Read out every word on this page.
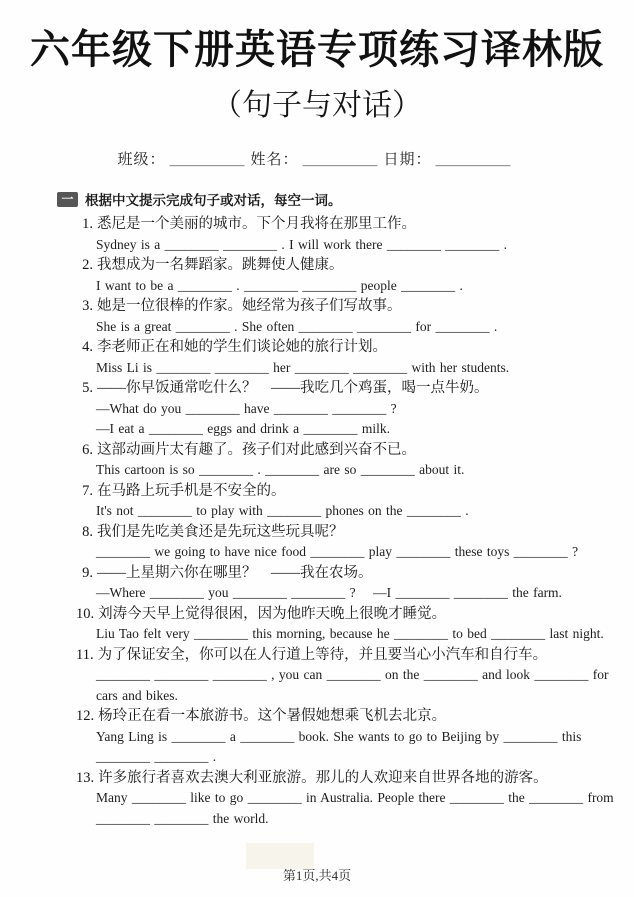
六年级下册英语专项练习译林版
（句子与对话）
班级： ＿＿＿＿＿ 姓名： ＿＿＿＿＿ 日期： ＿＿＿＿＿
一 根据中文提示完成句子或对话，每空一词。
1. 悉尼是一个美丽的城市。下个月我将在那里工作。
Sydney is a ________ ________ . I will work there ________ ________ .
2. 我想成为一名舞蹈家。跳舞使人健康。
I want to be a ________ . ________ ________ people ________ .
3. 她是一位很棒的作家。她经常为孩子们写故事。
She is a great ________ . She often ________ ________ for ________ .
4. 李老师正在和她的学生们谈论她的旅行计划。
Miss Li is ________ ________ her ________ ________ with her students.
5. ——你早饭通常吃什么？    ——我吃几个鸡蛋，喝一点牛奶。
—What do you ________ have ________ ________ ?
—I eat a ________ eggs and drink a ________ milk.
6. 这部动画片太有趣了。孩子们对此感到兴奋不已。
This cartoon is so ________ . ________ are so ________ about it.
7. 在马路上玩手机是不安全的。
It's not ________ to play with ________ phones on the ________ .
8. 我们是先吃美食还是先玩这些玩具呢？
________ we going to have nice food ________ play ________ these toys ________ ?
9. ——上星期六你在哪里？    ——我在农场。
—Where ________ you ________ ________ ?    —I ________ ________ the farm.
10. 刘涛今天早上觉得很困，因为他昨天晚上很晚才睡觉。
Liu Tao felt very ________ this morning, because he ________ to bed ________ last night.
11. 为了保证安全，你可以在人行道上等待，并且要当心小汽车和自行车。
________ ________ ________ , you can ________ on the ________ and look ________ for
cars and bikes.
12. 杨玲正在看一本旅游书。这个暑假她想乘飞机去北京。
Yang Ling is ________ a ________ book. She wants to go to Beijing by ________ this
________ ________ .
13. 许多旅行者喜欢去澳大利亚旅游。那儿的人欢迎来自世界各地的游客。
Many ________ like to go ________ in Australia. People there ________ the ________ from
________ ________ the world.
第1页,共4页
